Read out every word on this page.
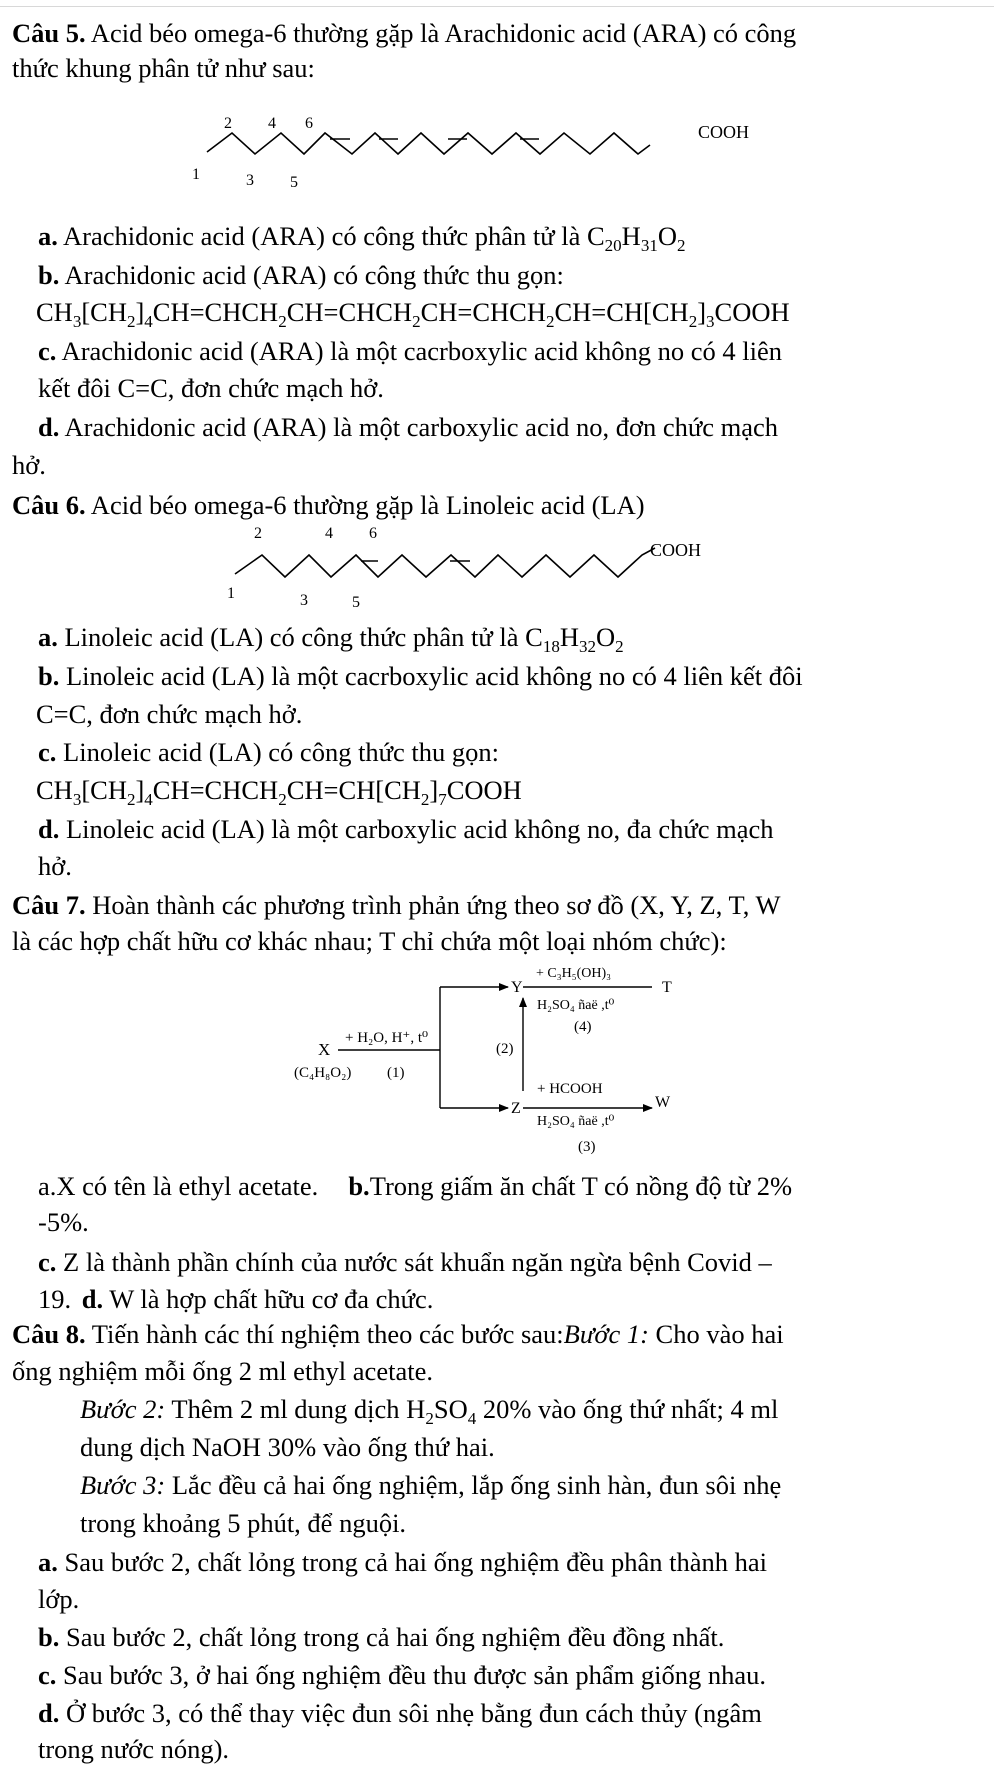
Câu 5. Acid béo omega-6 thường gặp là Arachidonic acid (ARA) có công
thức khung phân tử như sau:
1
2
3
4
5
6	COOH
a. Arachidonic acid (ARA) có công thức phân tử là $C_{20}H_{31}O_2$
b. Arachidonic acid (ARA) có công thức thu gọn:
$CH_3[CH_2]_4CH=CHCH_2CH=CHCH_2CH=CHCH_2CH=CH[CH_2]_3COOH$
c. Arachidonic acid (ARA) là một cacrboxylic acid không no có 4 liên
kết đôi C=C, đơn chức mạch hở.
d. Arachidonic acid (ARA) là một carboxylic acid no, đơn chức mạch
hở.
Câu 6. Acid béo omega-6 thường gặp là Linoleic acid (LA)
1
2
3
4
5
6
COOH
a. Linoleic acid (LA) có công thức phân tử là $C_{18}H_{32}O_2$
b. Linoleic acid (LA) là một cacrboxylic acid không no có 4 liên kết đôi
C=C, đơn chức mạch hở.
c. Linoleic acid (LA) có công thức thu gọn:
$CH_3[CH_2]_4CH=CHCH_2CH=CH[CH_2]_7COOH$
d. Linoleic acid (LA) là một carboxylic acid không no, đa chức mạch
hở.
Câu 7. Hoàn thành các phương trình phản ứng theo sơ đồ (X, Y, Z, T, W
là các hợp chất hữu cơ khác nhau; T chỉ chứa một loại nhóm chức):
X
(C₄H₈O₂)
+ H₂O, H⁺, t⁰
(1)
Y	T
+ C₃H₅(OH)₃
H₂SO₄ ñaë ,t⁰
(4)
(2)
Z	W
+ HCOOH
H₂SO₄ ñaë ,t⁰
(3)
a.X có tên là ethyl acetate. b.Trong giấm ăn chất T có nồng độ từ 2%
-5%.
c. Z là thành phần chính của nước sát khuẩn ngăn ngừa bệnh Covid –
19. d. W là hợp chất hữu cơ đa chức.
Câu 8. Tiến hành các thí nghiệm theo các bước sau:Bước 1: Cho vào hai
ống nghiệm mỗi ống 2 ml ethyl acetate.
Bước 2: Thêm 2 ml dung dịch $H_2SO_4$ 20% vào ống thứ nhất; 4 ml
dung dịch NaOH 30% vào ống thứ hai.
Bước 3: Lắc đều cả hai ống nghiệm, lắp ống sinh hàn, đun sôi nhẹ
trong khoảng 5 phút, để nguội.
a. Sau bước 2, chất lỏng trong cả hai ống nghiệm đều phân thành hai
lớp.
b. Sau bước 2, chất lỏng trong cả hai ống nghiệm đều đồng nhất.
c. Sau bước 3, ở hai ống nghiệm đều thu được sản phẩm giống nhau.
d. Ở bước 3, có thể thay việc đun sôi nhẹ bằng đun cách thủy (ngâm
trong nước nóng).
